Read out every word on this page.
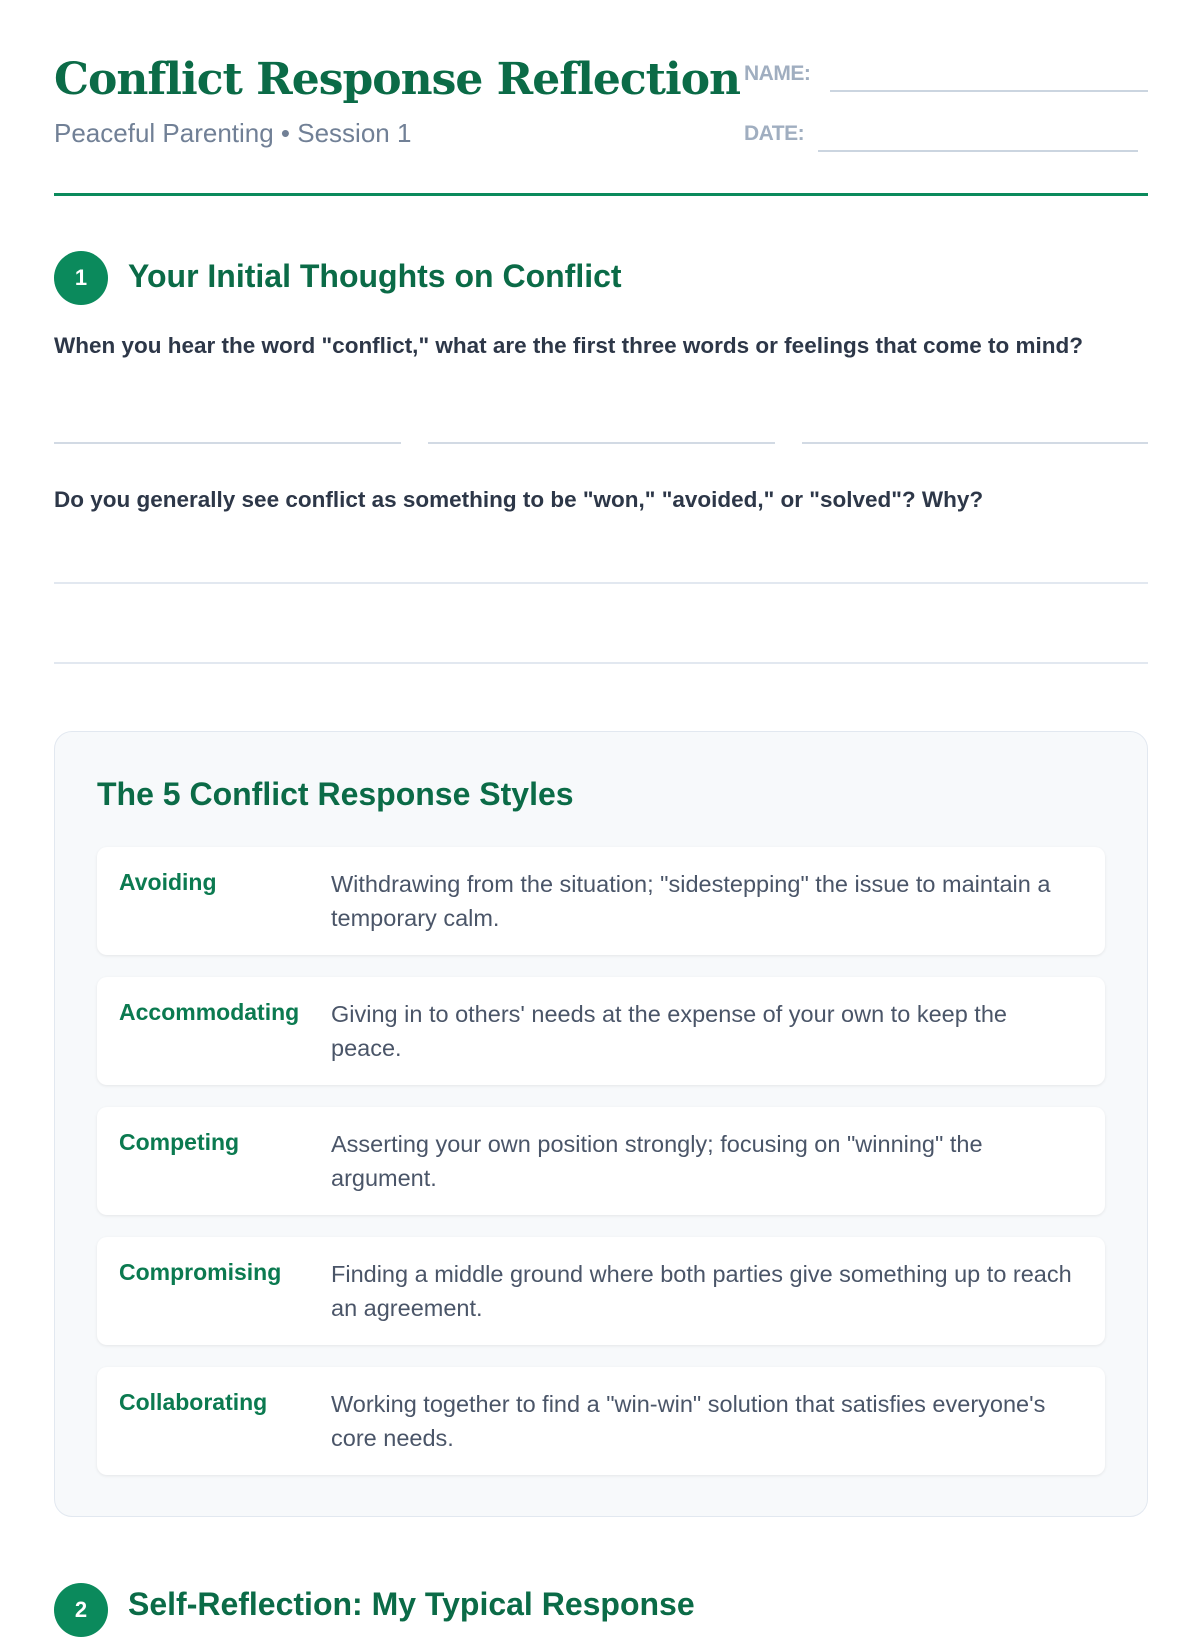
Conflict Response Reflection
Peaceful Parenting • Session 1
NAME:
DATE:
1	Your Initial Thoughts on Conflict

When you hear the word "conflict," what are the first three words or feelings that come to mind?

Do you generally see conflict as something to be "won," "avoided," or "solved"? Why?

The 5 Conflict Response Styles
Avoiding	Withdrawing from the situation; "sidestepping" the issue to maintain a temporary calm.
Accommodating Giving in to others' needs at the expense of your own to keep the peace.
Competing	Asserting your own position strongly; focusing on "winning" the argument.
Compromising Finding a middle ground where both parties give something up to reach an agreement.
Collaborating	Working together to find a "win-win" solution that satisfies everyone's core needs.
2	Self-Reflection: My Typical Response
